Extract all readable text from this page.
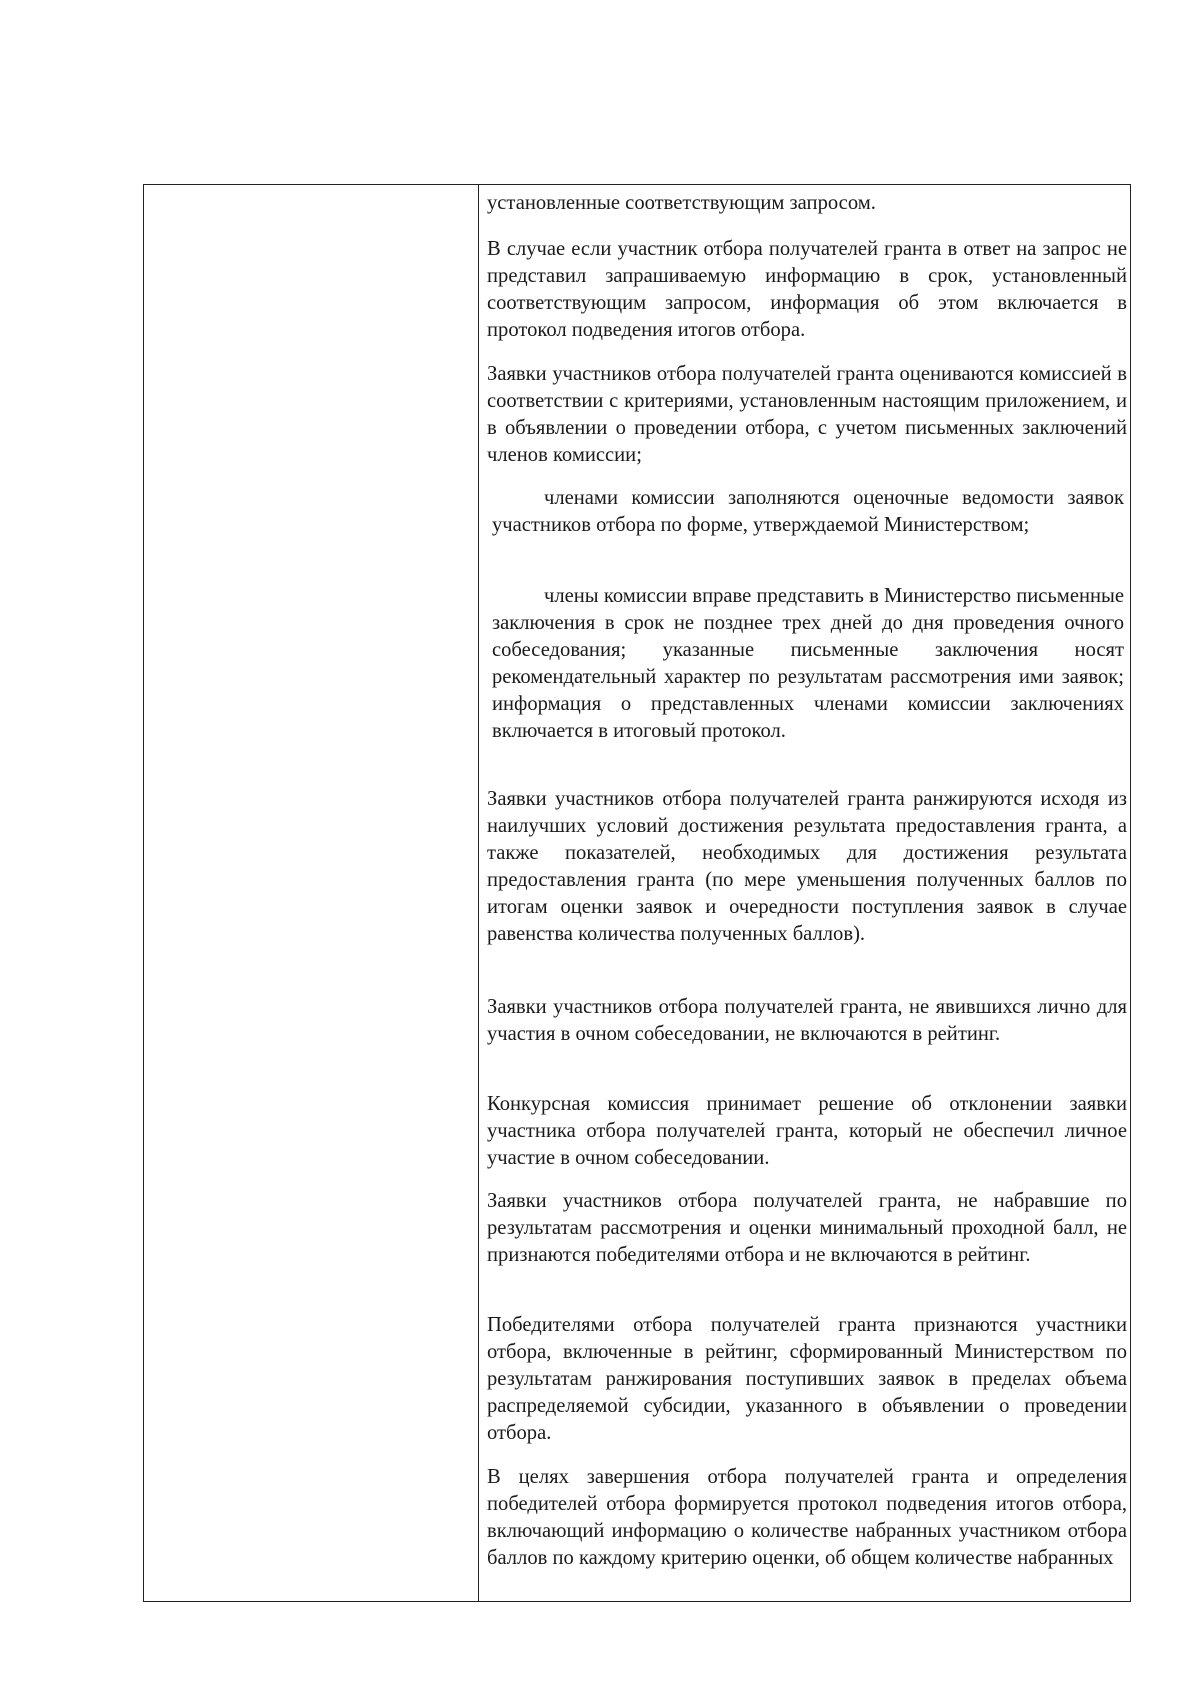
установленные соответствующим запросом.

В случае если участник отбора получателей гранта в ответ на запрос не представил запрашиваемую информацию в срок, установленный соответствующим запросом, информация об этом включается в протокол подведения итогов отбора.

Заявки участников отбора получателей гранта оцениваются комиссией в соответствии с критериями, установленным настоящим приложением, и в объявлении о проведении отбора, с учетом письменных заключений членов комиссии;

членами комиссии заполняются оценочные ведомости заявок участников отбора по форме, утверждаемой Министерством;

члены комиссии вправе представить в Министерство письменные заключения в срок не позднее трех дней до дня проведения очного собеседования; указанные письменные заключения носят рекомендательный характер по результатам рассмотрения ими заявок; информация о представленных членами комиссии заключениях включается в итоговый протокол.

Заявки участников отбора получателей гранта ранжируются исходя из наилучших условий достижения результата предоставления гранта, а также показателей, необходимых для достижения результата предоставления гранта (по мере уменьшения полученных баллов по итогам оценки заявок и очередности поступления заявок в случае равенства количества полученных баллов).

Заявки участников отбора получателей гранта, не явившихся лично для участия в очном собеседовании, не включаются в рейтинг.

Конкурсная комиссия принимает решение об отклонении заявки участника отбора получателей гранта, который не обеспечил личное участие в очном собеседовании.

Заявки участников отбора получателей гранта, не набравшие по результатам рассмотрения и оценки минимальный проходной балл, не признаются победителями отбора и не включаются в рейтинг.

Победителями отбора получателей гранта признаются участники отбора, включенные в рейтинг, сформированный Министерством по результатам ранжирования поступивших заявок в пределах объема распределяемой субсидии, указанного в объявлении о проведении отбора.

В целях завершения отбора получателей гранта и определения победителей отбора формируется протокол подведения итогов отбора, включающий информацию о количестве набранных участником отбора баллов по каждому критерию оценки, об общем количестве набранных
